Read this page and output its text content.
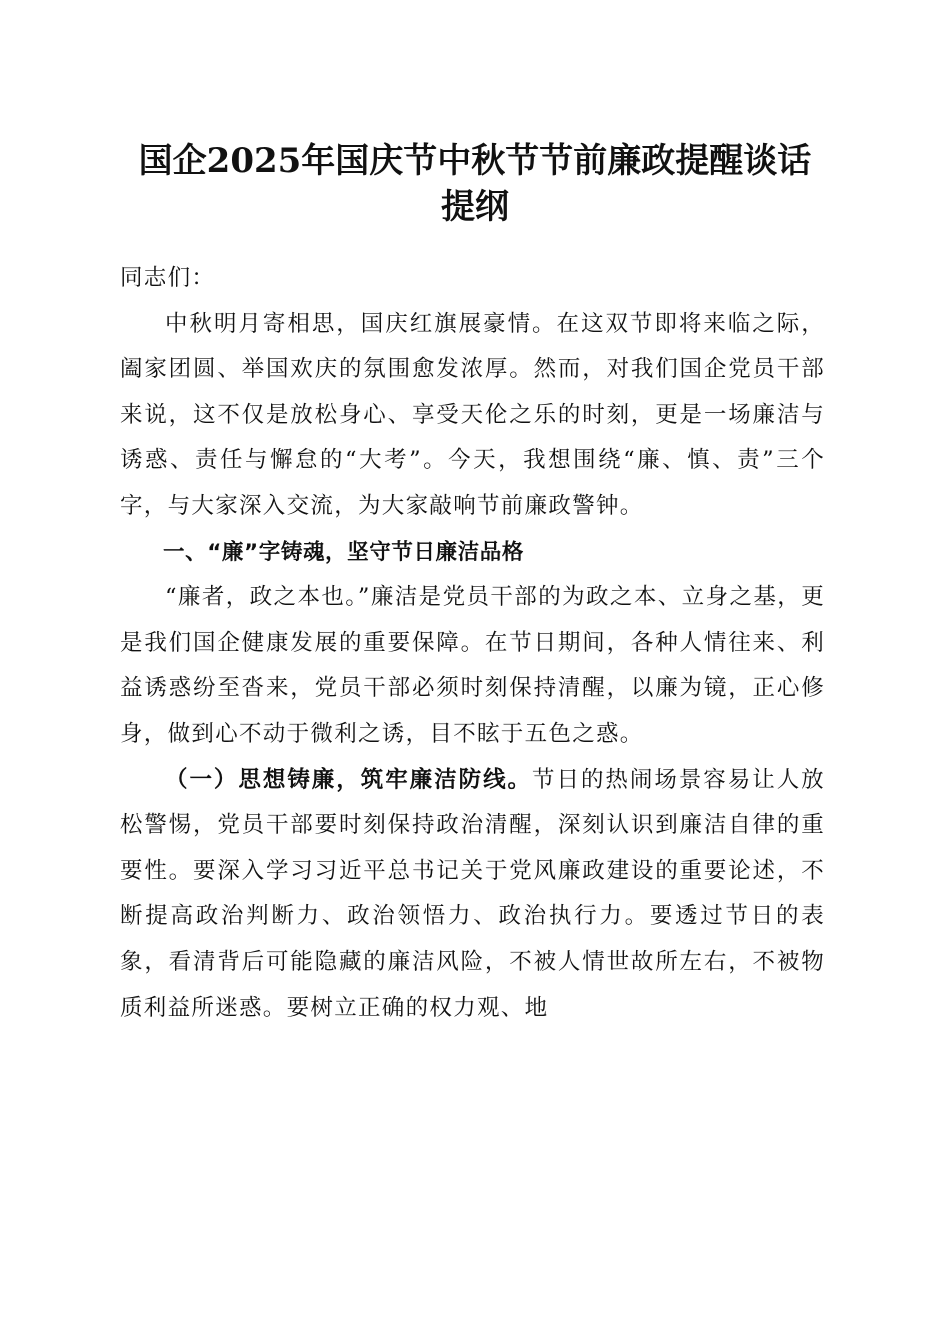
国企2025年国庆节中秋节节前廉政提醒谈话
提纲

同志们：

中秋明月寄相思，国庆红旗展豪情。在这双节即将来临之际，阖家团圆、举国欢庆的氛围愈发浓厚。然而，对我们国企党员干部来说，这不仅是放松身心、享受天伦之乐的时刻，更是一场廉洁与诱惑、责任与懈怠的“大考”。今天，我想围绕“廉、慎、责”三个字，与大家深入交流，为大家敲响节前廉政警钟。

一、“廉”字铸魂，坚守节日廉洁品格

“廉者，政之本也。”廉洁是党员干部的为政之本、立身之基，更是我们国企健康发展的重要保障。在节日期间，各种人情往来、利益诱惑纷至沓来，党员干部必须时刻保持清醒，以廉为镜，正心修身，做到心不动于微利之诱，目不眩于五色之惑。

（一）思想铸廉，筑牢廉洁防线。节日的热闹场景容易让人放松警惕，党员干部要时刻保持政治清醒，深刻认识到廉洁自律的重要性。要深入学习习近平总书记关于党风廉政建设的重要论述，不断提高政治判断力、政治领悟力、政治执行力。要透过节日的表象，看清背后可能隐藏的廉洁风险，不被人情世故所左右，不被物质利益所迷惑。要树立正确的权力观、地
